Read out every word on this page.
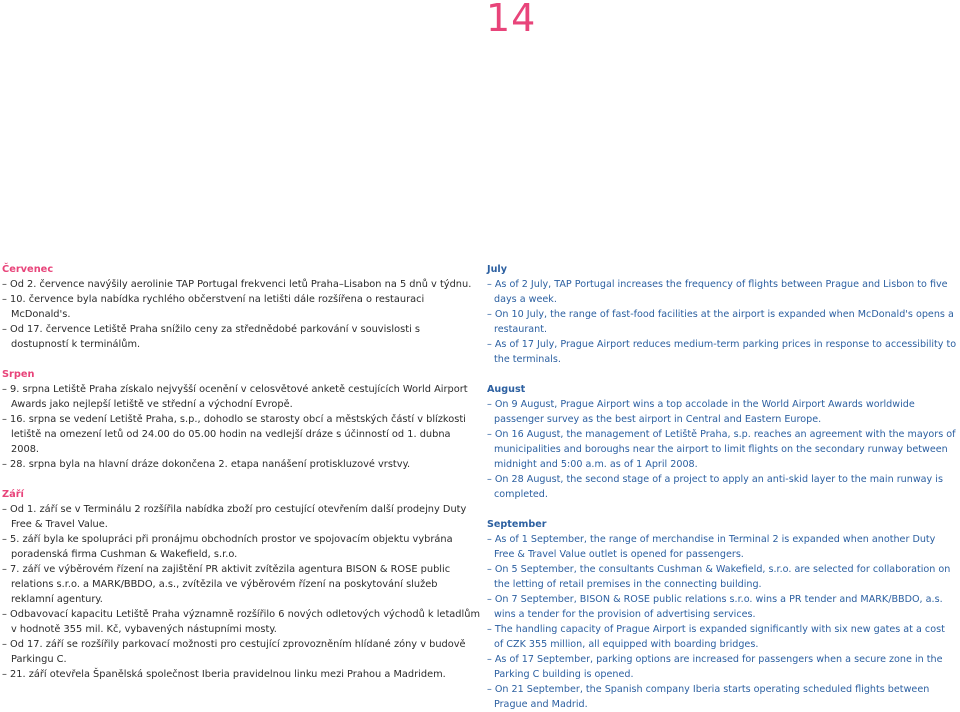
14
Červenec
– Od 2. července navýšily aerolinie TAP Portugal frekvenci letů Praha–Lisabon na 5 dnů v týdnu.
– 10. července byla nabídka rychlého občerstvení na letišti dále rozšířena o restauraci McDonald's.
– Od 17. července Letiště Praha snížilo ceny za střednědobé parkování v souvislosti s dostupností k terminálům.
Srpen
– 9. srpna Letiště Praha získalo nejvyšší ocenění v celosvětové anketě cestujících World Airport Awards jako nejlepší letiště ve střední a východní Evropě.
– 16. srpna se vedení Letiště Praha, s.p., dohodlo se starosty obcí a městských částí v blízkosti letiště na omezení letů od 24.00 do 05.00 hodin na vedlejší dráze s účinností od 1. dubna 2008.
– 28. srpna byla na hlavní dráze dokončena 2. etapa nanášení protiskluzové vrstvy.
Září
– Od 1. září se v Terminálu 2 rozšířila nabídka zboží pro cestující otevřením další prodejny Duty Free & Travel Value.
– 5. září byla ke spolupráci při pronájmu obchodních prostor ve spojovacím objektu vybrána poradenská firma Cushman & Wakefield, s.r.o.
– 7. září ve výběrovém řízení na zajištění PR aktivit zvítězila agentura BISON & ROSE public relations s.r.o. a MARK/BBDO, a.s., zvítězila ve výběrovém řízení na poskytování služeb reklamní agentury.
– Odbavovací kapacitu Letiště Praha významně rozšířilo 6 nových odletových východů k letadlům v hodnotě 355 mil. Kč, vybavených nástupními mosty.
– Od 17. září se rozšířily parkovací možnosti pro cestující zprovozněním hlídané zóny v budově Parkingu C.
– 21. září otevřela Španělská společnost Iberia pravidelnou linku mezi Prahou a Madridem.
July
– As of 2 July, TAP Portugal increases the frequency of flights between Prague and Lisbon to five days a week.
– On 10 July, the range of fast-food facilities at the airport is expanded when McDonald's opens a restaurant.
– As of 17 July, Prague Airport reduces medium-term parking prices in response to accessibility to the terminals.
August
– On 9 August, Prague Airport wins a top accolade in the World Airport Awards worldwide passenger survey as the best airport in Central and Eastern Europe.
– On 16 August, the management of Letiště Praha, s.p. reaches an agreement with the mayors of municipalities and boroughs near the airport to limit flights on the secondary runway between midnight and 5:00 a.m. as of 1 April 2008.
– On 28 August, the second stage of a project to apply an anti-skid layer to the main runway is completed.
September
– As of 1 September, the range of merchandise in Terminal 2 is expanded when another Duty Free & Travel Value outlet is opened for passengers.
– On 5 September, the consultants Cushman & Wakefield, s.r.o. are selected for collaboration on the letting of retail premises in the connecting building.
– On 7 September, BISON & ROSE public relations s.r.o. wins a PR tender and MARK/BBDO, a.s. wins a tender for the provision of advertising services.
– The handling capacity of Prague Airport is expanded significantly with six new gates at a cost of CZK 355 million, all equipped with boarding bridges.
– As of 17 September, parking options are increased for passengers when a secure zone in the Parking C building is opened.
– On 21 September, the Spanish company Iberia starts operating scheduled flights between Prague and Madrid.
